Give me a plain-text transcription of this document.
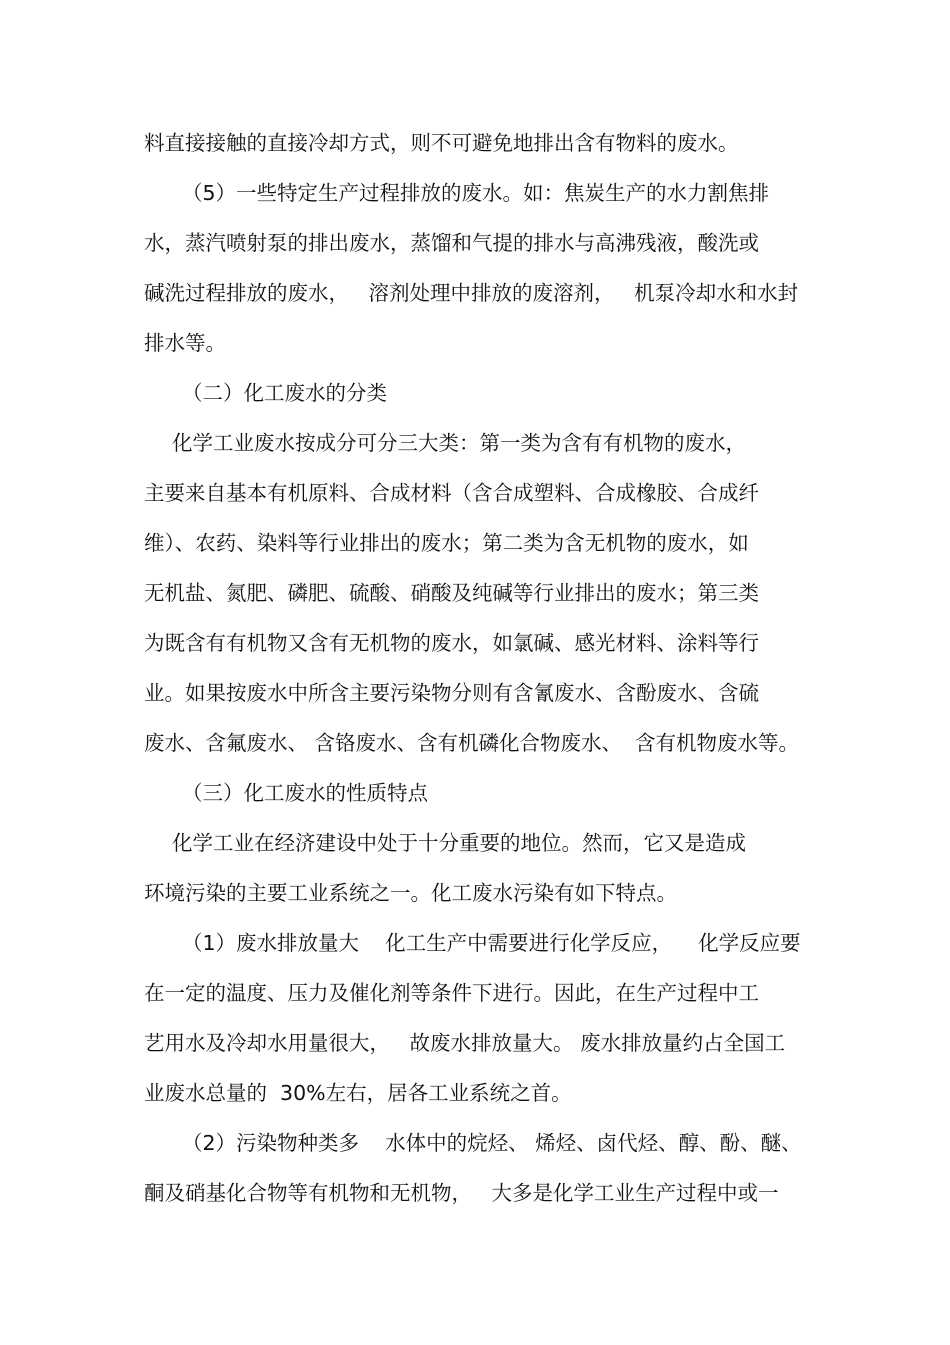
料直接接触的直接冷却方式，则不可避免地排出含有物料的废水。
（5）一些特定生产过程排放的废水。如：焦炭生产的水力割焦排
水，蒸汽喷射泵的排出废水，蒸馏和气提的排水与高沸残液，酸洗或
碱洗过程排放的废水，   溶剂处理中排放的废溶剂，   机泵冷却水和水封
排水等。
（二）化工废水的分类
化学工业废水按成分可分三大类：第一类为含有有机物的废水，
主要来自基本有机原料、合成材料（含合成塑料、合成橡胶、合成纤
维）、农药、染料等行业排出的废水；第二类为含无机物的废水，如
无机盐、氮肥、磷肥、硫酸、硝酸及纯碱等行业排出的废水；第三类
为既含有有机物又含有无机物的废水，如氯碱、感光材料、涂料等行
业。如果按废水中所含主要污染物分则有含氰废水、含酚废水、含硫
废水、含氟废水、 含铬废水、含有机磷化合物废水、  含有机物废水等。
（三）化工废水的性质特点
化学工业在经济建设中处于十分重要的地位。然而，它又是造成
环境污染的主要工业系统之一。化工废水污染有如下特点。
（1）废水排放量大    化工生产中需要进行化学反应，    化学反应要
在一定的温度、压力及催化剂等条件下进行。因此，在生产过程中工
艺用水及冷却水用量很大，   故废水排放量大。 废水排放量约占全国工
业废水总量的  30%左右，居各工业系统之首。
（2）污染物种类多    水体中的烷烃、 烯烃、卤代烃、醇、酚、醚、
酮及硝基化合物等有机物和无机物，   大多是化学工业生产过程中或一
